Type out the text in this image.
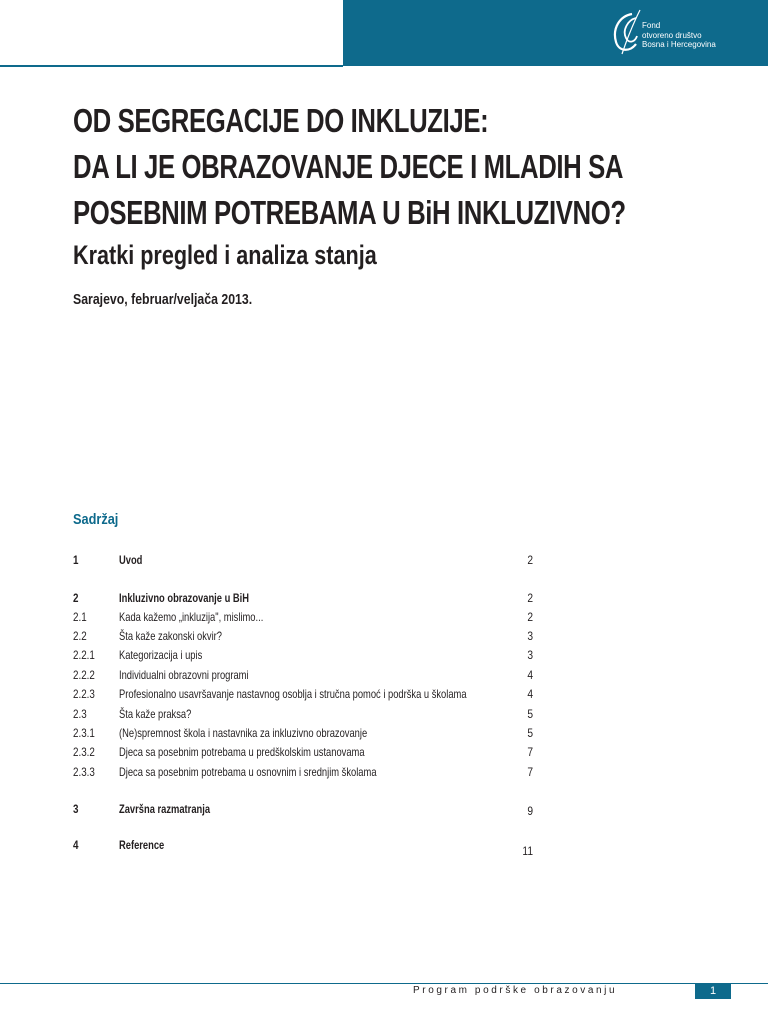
Fond
otvoreno društvo
Bosna i Hercegovina
OD SEGREGACIJE DO INKLUZIJE:
DA LI JE OBRAZOVANJE DJECE I MLADIH SA
POSEBNIM POTREBAMA U BiH INKLUZIVNO?
Kratki pregled i analiza stanja
Sarajevo, februar/veljača 2013.
Sadržaj
1	Uvod	2
2	Inkluzivno obrazovanje u BiH	2
2.1	Kada kažemo „inkluzija", mislimo...	2
2.2	Šta kaže zakonski okvir?	3
2.2.1 Kategorizacija i upis	3
2.2.2 Individualni obrazovni programi	4
2.2.3 Profesionalno usavršavanje nastavnog osoblja i stručna pomoć i podrška u školama	4
2.3	Šta kaže praksa?	5
2.3.1 (Ne)spremnost škola i nastavnika za inkluzivno obrazovanje	5
2.3.2 Djeca sa posebnim potrebama u predškolskim ustanovama	7
2.3.3 Djeca sa posebnim potrebama u osnovnim i srednjim školama	7
3	Završna razmatranja	9
4	Reference	11
Program podrške obrazovanju	1
